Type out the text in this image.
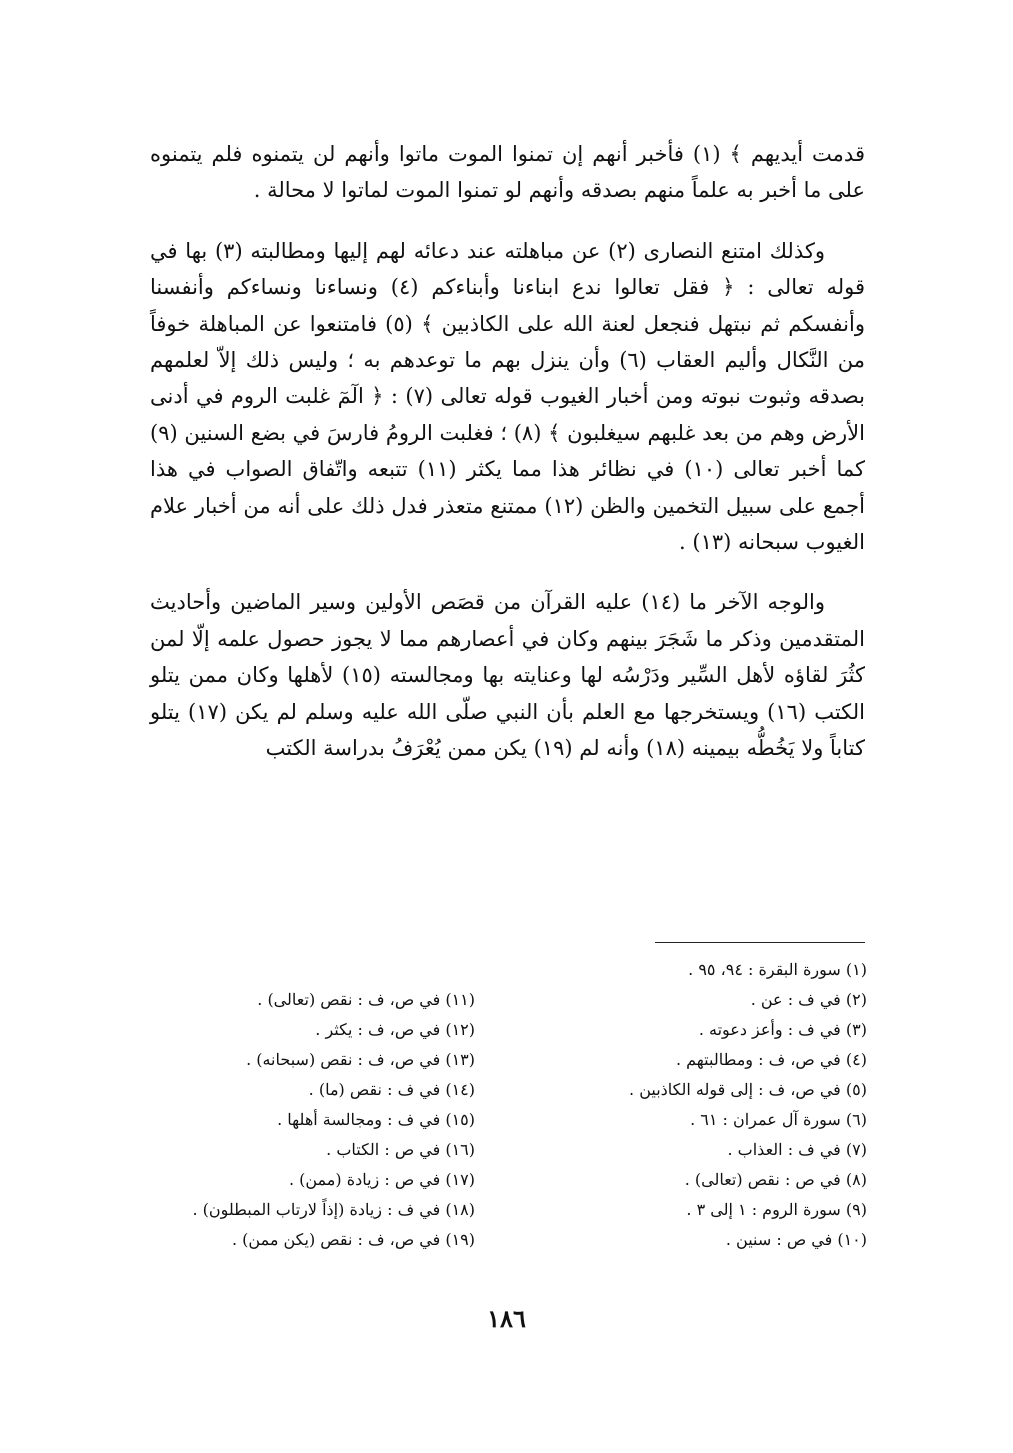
قدمت أيديهم ﴾ (١) فأخبر أنهم إن تمنوا الموت ماتوا وأنهم لن يتمنوه فلم يتمنوه على ما أخبر به علماً منهم بصدقه وأنهم لو تمنوا الموت لماتوا لا محالة .

وكذلك امتنع النصارى (٢) عن مباهلته عند دعائه لهم إليها ومطالبته (٣) بها في قوله تعالى : ﴿ فقل تعالوا ندع ابناءنا وأبناءكم (٤) ونساءنا ونساءكم وأنفسنا وأنفسكم ثم نبتهل فنجعل لعنة الله على الكاذبين ﴾ (٥) فامتنعوا عن المباهلة خوفاً من النَّكال وأليم العقاب (٦) وأن ينزل بهم ما توعدهم به ؛ وليس ذلك إلاّ لعلمهم بصدقه وثبوت نبوته ومن أخبار الغيوب قوله تعالى (٧) : ﴿ الٓمٓ غلبت الروم في أدنى الأرض وهم من بعد غلبهم سيغلبون ﴾ (٨) ؛ فغلبت الرومُ فارسَ في بضع السنين (٩) كما أخبر تعالى (١٠) في نظائر هذا مما يكثر (١١) تتبعه واتّفاق الصواب في هذا أجمع على سبيل التخمين والظن (١٢) ممتنع متعذر فدل ذلك على أنه من أخبار علام الغيوب سبحانه (١٣) .

والوجه الآخر ما (١٤) عليه القرآن من قصَص الأولين وسير الماضين وأحاديث المتقدمين وذكر ما شَجَرَ بينهم وكان في أعصارهم مما لا يجوز حصول علمه إلّا لمن كثُرَ لقاؤه لأهل السِّير ودَرْسُه لها وعنايته بها ومجالسته (١٥) لأهلها وكان ممن يتلو الكتب (١٦) ويستخرجها مع العلم بأن النبي صلّى الله عليه وسلم لم يكن (١٧) يتلو كتاباً ولا يَخُطُّه بيمينه (١٨) وأنه لم (١٩) يكن ممن يُعْرَفُ بدراسة الكتب

(١) سورة البقرة : ٩٤، ٩٥ .
(٢) في ف : عن .
(٣) في ف : وأعز دعوته .
(٤) في ص، ف : ومطالبتهم .
(٥) في ص، ف : إلى قوله الكاذبين .
(٦) سورة آل عمران : ٦١ .
(٧) في ف : العذاب .
(٨) في ص : نقص (تعالى) .
(٩) سورة الروم : ١ إلى ٣ .
(١٠) في ص : سنين .
(١١) في ص، ف : نقص (تعالى) .
(١٢) في ص، ف : يكثر .
(١٣) في ص، ف : نقص (سبحانه) .
(١٤) في ف : نقص (ما) .
(١٥) في ف : ومجالسة أهلها .
(١٦) في ص : الكتاب .
(١٧) في ص : زيادة (ممن) .
(١٨) في ف : زيادة (إذاً لارتاب المبطلون) .
(١٩) في ص، ف : نقص (يكن ممن) .
١٨٦
